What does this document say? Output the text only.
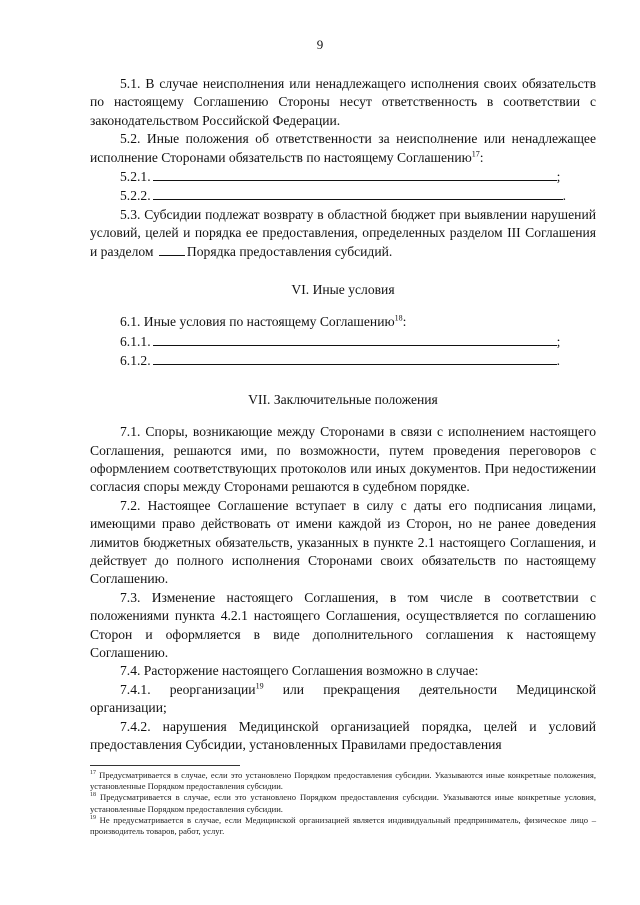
9

5.1. В случае неисполнения или ненадлежащего исполнения своих обязательств по настоящему Соглашению Стороны несут ответственность в соответствии с законодательством Российской Федерации.

5.2. Иные положения об ответственности за неисполнение или ненадлежащее исполнение Сторонами обязательств по настоящему Соглашению$^{17}$:

5.2.1.	;

5.2.2.	.

5.3. Субсидии подлежат возврату в областной бюджет при выявлении нарушений условий, целей и порядка ее предоставления, определенных разделом III Соглашения и разделом Порядка предоставления субсидий.

VI. Иные условия

6.1. Иные условия по настоящему Соглашению$^{18}$:

6.1.1.	;

6.1.2.	.

VII. Заключительные положения

7.1. Споры, возникающие между Сторонами в связи с исполнением настоящего Соглашения, решаются ими, по возможности, путем проведения переговоров с оформлением соответствующих протоколов или иных документов. При недостижении согласия споры между Сторонами решаются в судебном порядке.

7.2. Настоящее Соглашение вступает в силу с даты его подписания лицами, имеющими право действовать от имени каждой из Сторон, но не ранее доведения лимитов бюджетных обязательств, указанных в пункте 2.1 настоящего Соглашения, и действует до полного исполнения Сторонами своих обязательств по настоящему Соглашению.

7.3. Изменение настоящего Соглашения, в том числе в соответствии с положениями пункта 4.2.1 настоящего Соглашения, осуществляется по соглашению Сторон и оформляется в виде дополнительного соглашения к настоящему Соглашению.

7.4. Расторжение настоящего Соглашения возможно в случае:

7.4.1. реорганизации$^{19}$ или прекращения деятельности Медицинской организации;

7.4.2. нарушения Медицинской организацией порядка, целей и условий предоставления Субсидии, установленных Правилами предоставления

$^{17}$ Предусматривается в случае, если это установлено Порядком предоставления субсидии. Указываются иные конкретные положения, установленные Порядком предоставления субсидии.

$^{18}$ Предусматривается в случае, если это установлено Порядком предоставления субсидии. Указываются иные конкретные условия, установленные Порядком предоставления субсидии.

$^{19}$ Не предусматривается в случае, если Медицинской организацией является индивидуальный предприниматель, физическое лицо – производитель товаров, работ, услуг.
